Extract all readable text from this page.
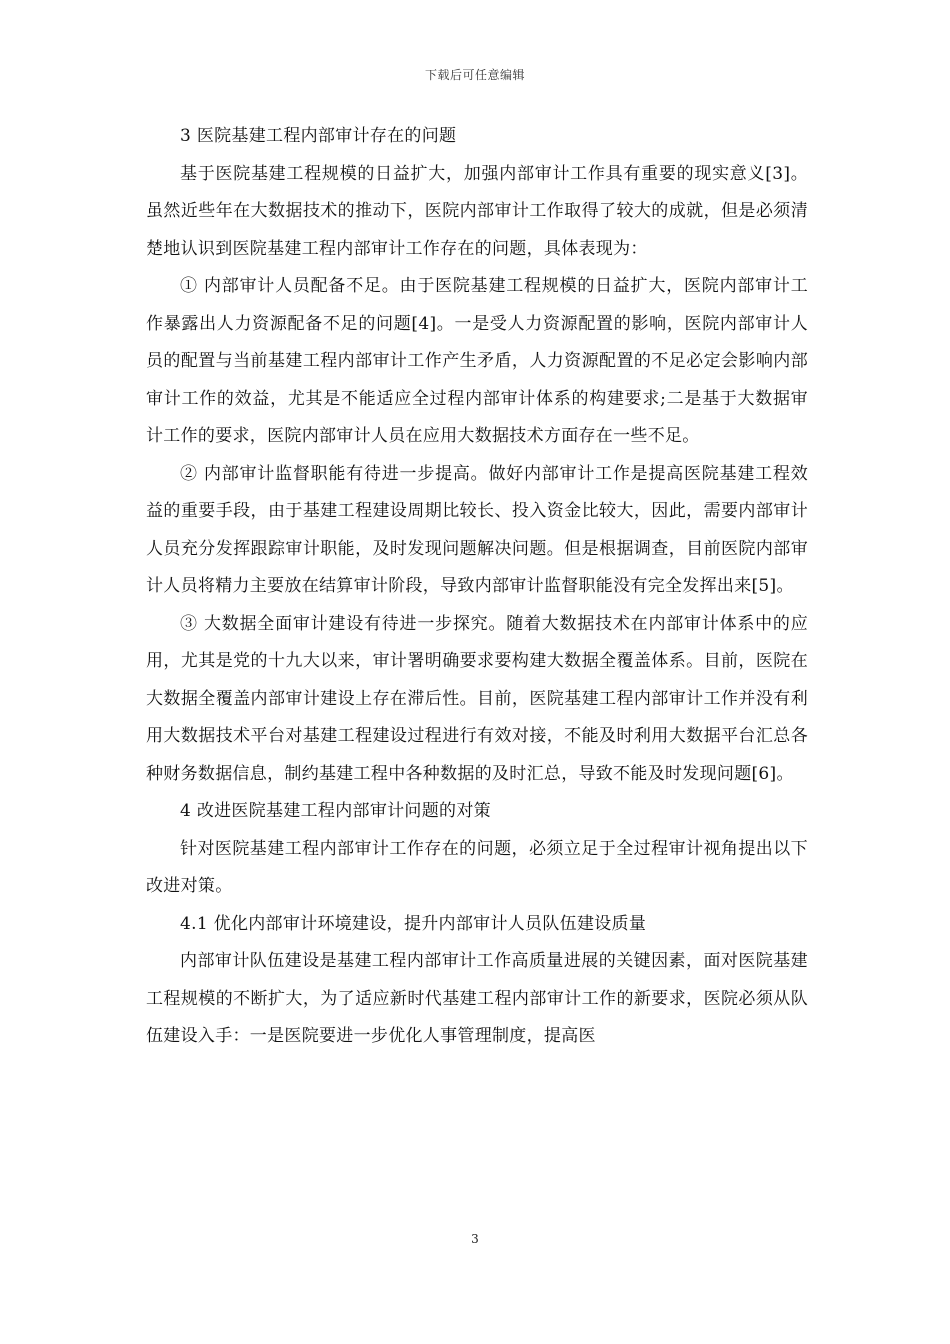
下载后可任意编辑

3 医院基建工程内部审计存在的问题

基于医院基建工程规模的日益扩大，加强内部审计工作具有重要的现实意义[3]。虽然近些年在大数据技术的推动下，医院内部审计工作取得了较大的成就，但是必须清楚地认识到医院基建工程内部审计工作存在的问题，具体表现为：

① 内部审计人员配备不足。由于医院基建工程规模的日益扩大，医院内部审计工作暴露出人力资源配备不足的问题[4]。一是受人力资源配置的影响，医院内部审计人员的配置与当前基建工程内部审计工作产生矛盾，人力资源配置的不足必定会影响内部审计工作的效益，尤其是不能适应全过程内部审计体系的构建要求;二是基于大数据审计工作的要求，医院内部审计人员在应用大数据技术方面存在一些不足。

② 内部审计监督职能有待进一步提高。做好内部审计工作是提高医院基建工程效益的重要手段，由于基建工程建设周期比较长、投入资金比较大，因此，需要内部审计人员充分发挥跟踪审计职能，及时发现问题解决问题。但是根据调查，目前医院内部审计人员将精力主要放在结算审计阶段，导致内部审计监督职能没有完全发挥出来[5]。

③ 大数据全面审计建设有待进一步探究。随着大数据技术在内部审计体系中的应用，尤其是党的十九大以来，审计署明确要求要构建大数据全覆盖体系。目前，医院在大数据全覆盖内部审计建设上存在滞后性。目前，医院基建工程内部审计工作并没有利用大数据技术平台对基建工程建设过程进行有效对接，不能及时利用大数据平台汇总各种财务数据信息，制约基建工程中各种数据的及时汇总，导致不能及时发现问题[6]。

4 改进医院基建工程内部审计问题的对策

针对医院基建工程内部审计工作存在的问题，必须立足于全过程审计视角提出以下改进对策。

4.1 优化内部审计环境建设，提升内部审计人员队伍建设质量

内部审计队伍建设是基建工程内部审计工作高质量进展的关键因素，面对医院基建工程规模的不断扩大，为了适应新时代基建工程内部审计工作的新要求，医院必须从队伍建设入手：一是医院要进一步优化人事管理制度，提高医

3
